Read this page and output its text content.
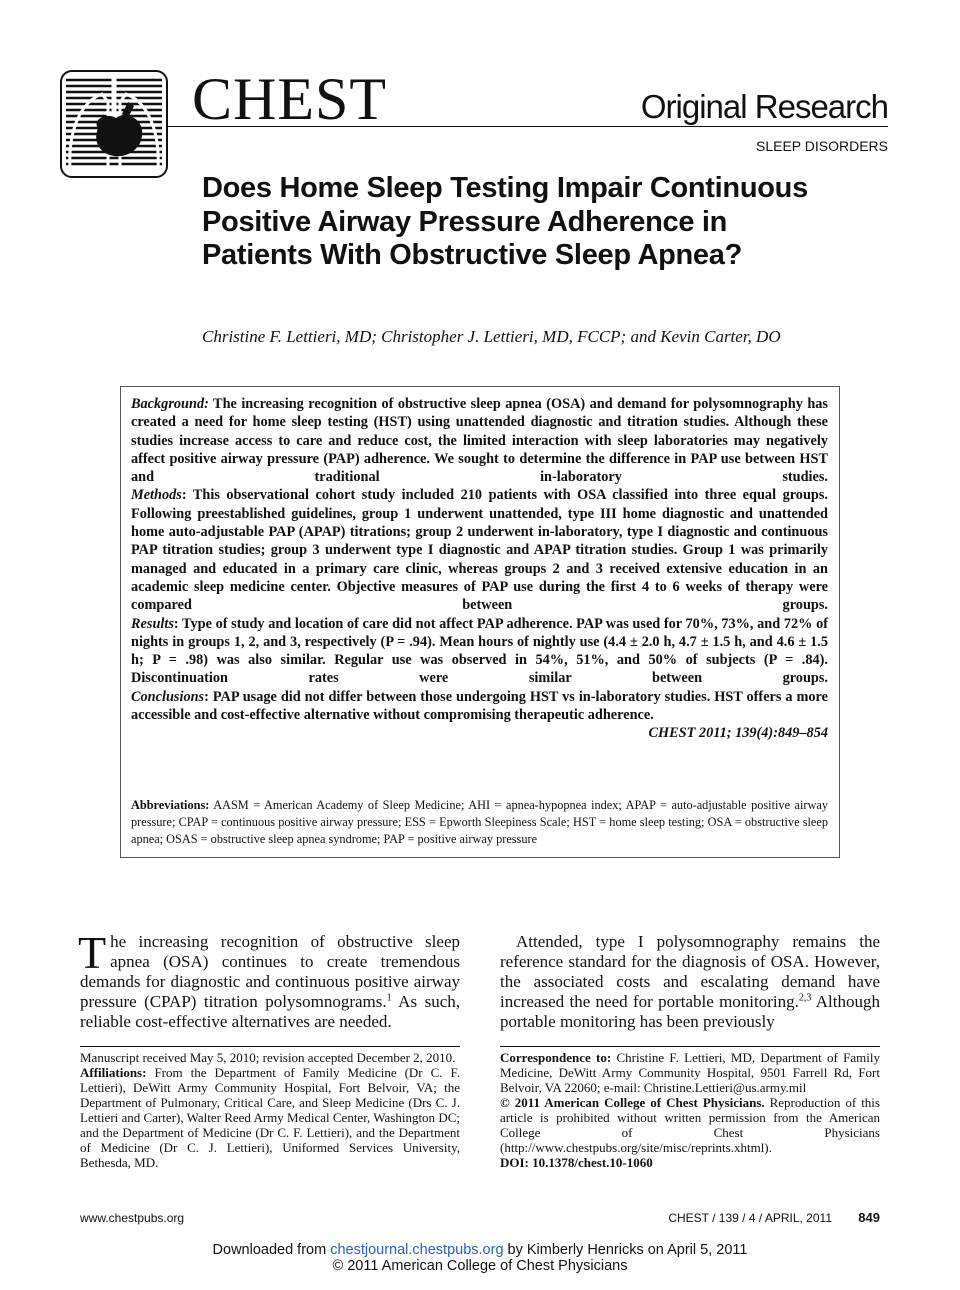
CHEST	Original Research
SLEEP DISORDERS
Does Home Sleep Testing Impair Continuous Positive Airway Pressure Adherence in Patients With Obstructive Sleep Apnea?
Christine F. Lettieri, MD; Christopher J. Lettieri, MD, FCCP; and Kevin Carter, DO

Background: The increasing recognition of obstructive sleep apnea (OSA) and demand for polysomnography has created a need for home sleep testing (HST) using unattended diagnostic and titration studies. Although these studies increase access to care and reduce cost, the limited interaction with sleep laboratories may negatively affect positive airway pressure (PAP) adherence. We sought to determine the difference in PAP use between HST and traditional in-laboratory studies.

Methods: This observational cohort study included 210 patients with OSA classified into three equal groups. Following preestablished guidelines, group 1 underwent unattended, type III home diagnostic and unattended home auto-adjustable PAP (APAP) titrations; group 2 underwent in-laboratory, type I diagnostic and continuous PAP titration studies; group 3 underwent type I diagnostic and APAP titration studies. Group 1 was primarily managed and educated in a primary care clinic, whereas groups 2 and 3 received extensive education in an academic sleep medicine center. Objective measures of PAP use during the first 4 to 6 weeks of therapy were compared between groups.

Results: Type of study and location of care did not affect PAP adherence. PAP was used for 70%, 73%, and 72% of nights in groups 1, 2, and 3, respectively (P = .94). Mean hours of nightly use (4.4 ± 2.0 h, 4.7 ± 1.5 h, and 4.6 ± 1.5 h; P = .98) was also similar. Regular use was observed in 54%, 51%, and 50% of subjects (P = .84). Discontinuation rates were similar between groups.

Conclusions: PAP usage did not differ between those undergoing HST vs in-laboratory studies. HST offers a more accessible and cost-effective alternative without compromising therapeutic adherence.
CHEST 2011; 139(4):849–854

Abbreviations: AASM = American Academy of Sleep Medicine; AHI = apnea-hypopnea index; APAP = auto-adjustable positive airway pressure; CPAP = continuous positive airway pressure; ESS = Epworth Sleepiness Scale; HST = home sleep testing; OSA = obstructive sleep apnea; OSAS = obstructive sleep apnea syndrome; PAP = positive airway pressure
The increasing recognition of obstructive sleep apnea (OSA) continues to create tremendous demands for diagnostic and continuous positive airway pressure (CPAP) titration polysomnograms.$^1$ As such, reliable cost-effective alternatives are needed.
Attended, type I polysomnography remains the reference standard for the diagnosis of OSA. However, the associated costs and escalating demand have increased the need for portable monitoring.$^{2,3}$ Although portable monitoring has been previously

Manuscript received May 5, 2010; revision accepted December 2, 2010.

Affiliations: From the Department of Family Medicine (Dr C. F. Lettieri), DeWitt Army Community Hospital, Fort Belvoir, VA; the Department of Pulmonary, Critical Care, and Sleep Medicine (Drs C. J. Lettieri and Carter), Walter Reed Army Medical Center, Washington DC; and the Department of Medicine (Dr C. F. Lettieri), and the Department of Medicine (Dr C. J. Lettieri), Uniformed Services University, Bethesda, MD.

Correspondence to: Christine F. Lettieri, MD, Department of Family Medicine, DeWitt Army Community Hospital, 9501 Farrell Rd, Fort Belvoir, VA 22060; e-mail: Christine.Lettieri@us.army.mil

© 2011 American College of Chest Physicians. Reproduction of this article is prohibited without written permission from the American College of Chest Physicians (http://www.chestpubs.org/site/misc/reprints.xhtml).

DOI: 10.1378/chest.10-1060

www.chestpubs.org	CHEST / 139 / 4 / APRIL, 2011 849
Downloaded from chestjournal.chestpubs.org by Kimberly Henricks on April 5, 2011
© 2011 American College of Chest Physicians
